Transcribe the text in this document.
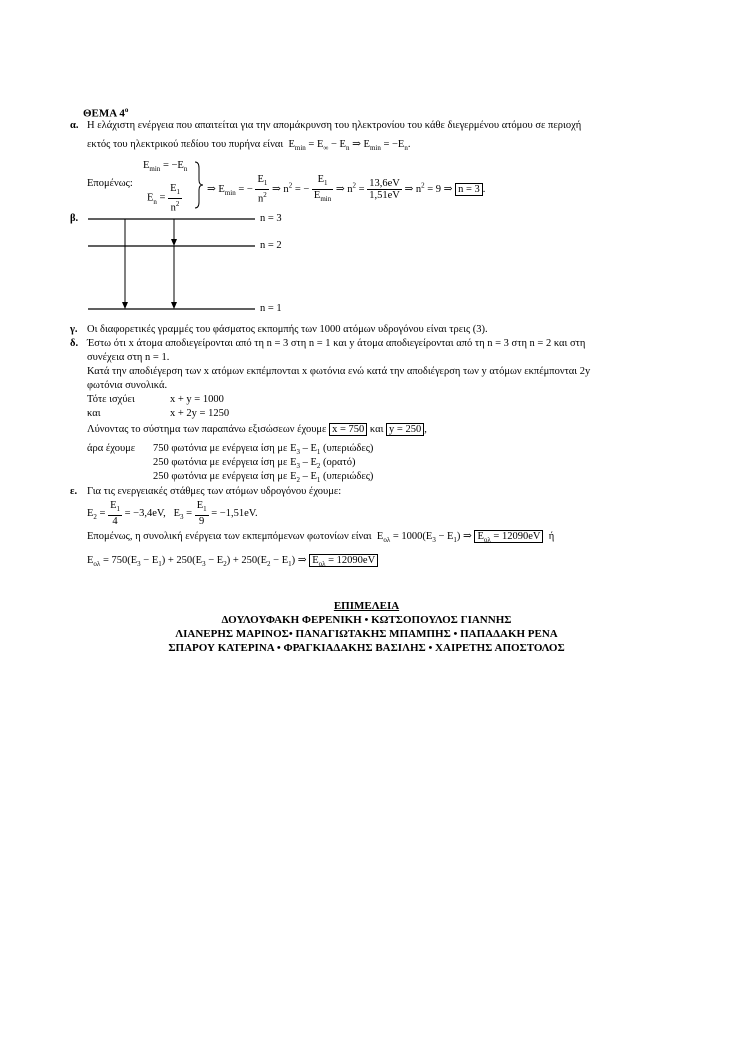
ΘΕΜΑ $4^o$
α. Η ελάχιστη ενέργεια που απαιτείται για την απομάκρυνση του ηλεκτρονίου του κάθε διεγερμένου ατόμου σε περιοχή
εκτός του ηλεκτρικού πεδίου του πυρήνα είναι $E_{min} = E_\infty - E_n$ ⇒ $E_{min} = -E_n$.
Επομένως:
$E_{min} = -E_n$
$E_n = \frac{E_1}{n^2}$ ⇒ $E_{min}$ = − $\frac{E_1}{n^2}$ ⇒ $n^2$ = − $\frac{E_1}{E_{min}}$ ⇒ $n^2 = \frac{13,6eV}{1,51eV}$ ⇒ $n^2 = 9$ ⇒ n = 3 .
β.	n = 3
n = 2
n = 1
γ. Οι διαφορετικές γραμμές του φάσματος εκπομπής των 1000 ατόμων υδρογόνου είναι τρεις (3).
δ. Έστω ότι x άτομα αποδιεγείρονται από τη n = 3 στη n = 1 και y άτομα αποδιεγείρονται από τη n = 3 στη n = 2 και στη
συνέχεια στη n = 1.
Κατά την αποδιέγερση των x ατόμων εκπέμπονται x φωτόνια ενώ κατά την αποδιέγερση των y ατόμων εκπέμπονται 2y
φωτόνια συνολικά.
Τότε ισχύει	x + y = 1000
και	x + 2y = 1250
Λύνοντας το σύστημα των παραπάνω εξισώσεων έχουμε x = 750 και y = 250 ,
άρα έχουμε 750 φωτόνια με ενέργεια ίση με $E_3 - E_1$ (υπεριώδες)
250 φωτόνια με ενέργεια ίση με $E_3 - E_2$ (ορατό)
250 φωτόνια με ενέργεια ίση με $E_2 - E_1$ (υπεριώδες)
ε. Για τις ενεργειακές στάθμες των ατόμων υδρογόνου έχουμε:
$E_2 = \frac{E_1}{4} = -3,4eV$,   $E_3 = \frac{E_1}{9} = -1,51eV$.
Επομένως, η συνολική ενέργεια των εκπεμπόμενων φωτονίων είναι  $E_{o\lambda} = 1000(E_3 - E_1)$ ⇒ $E_{o\lambda} = 12090eV$ ή
$E_{o\lambda} = 750(E_3 - E_1) + 250(E_3 - E_2) + 250(E_2 - E_1)$ ⇒ $E_{o\lambda} = 12090eV$
ΕΠΙΜΕΛΕΙΑ
ΔΟΥΛΟΥΦΑΚΗ ΦΕΡΕΝΙΚΗ • ΚΩΤΣΟΠΟΥΛΟΣ ΓΙΑΝΝΗΣ
ΛΙΑΝΕΡΗΣ ΜΑΡΙΝΟΣ• ΠΑΝΑΓΙΩΤΑΚΗΣ ΜΠΑΜΠΗΣ • ΠΑΠΑΔΑΚΗ ΡΕΝΑ
ΣΠΑΡΟΥ ΚΑΤΕΡΙΝΑ • ΦΡΑΓΚΙΑΔΑΚΗΣ ΒΑΣΙΛΗΣ • ΧΑΙΡΕΤΗΣ ΑΠΟΣΤΟΛΟΣ
